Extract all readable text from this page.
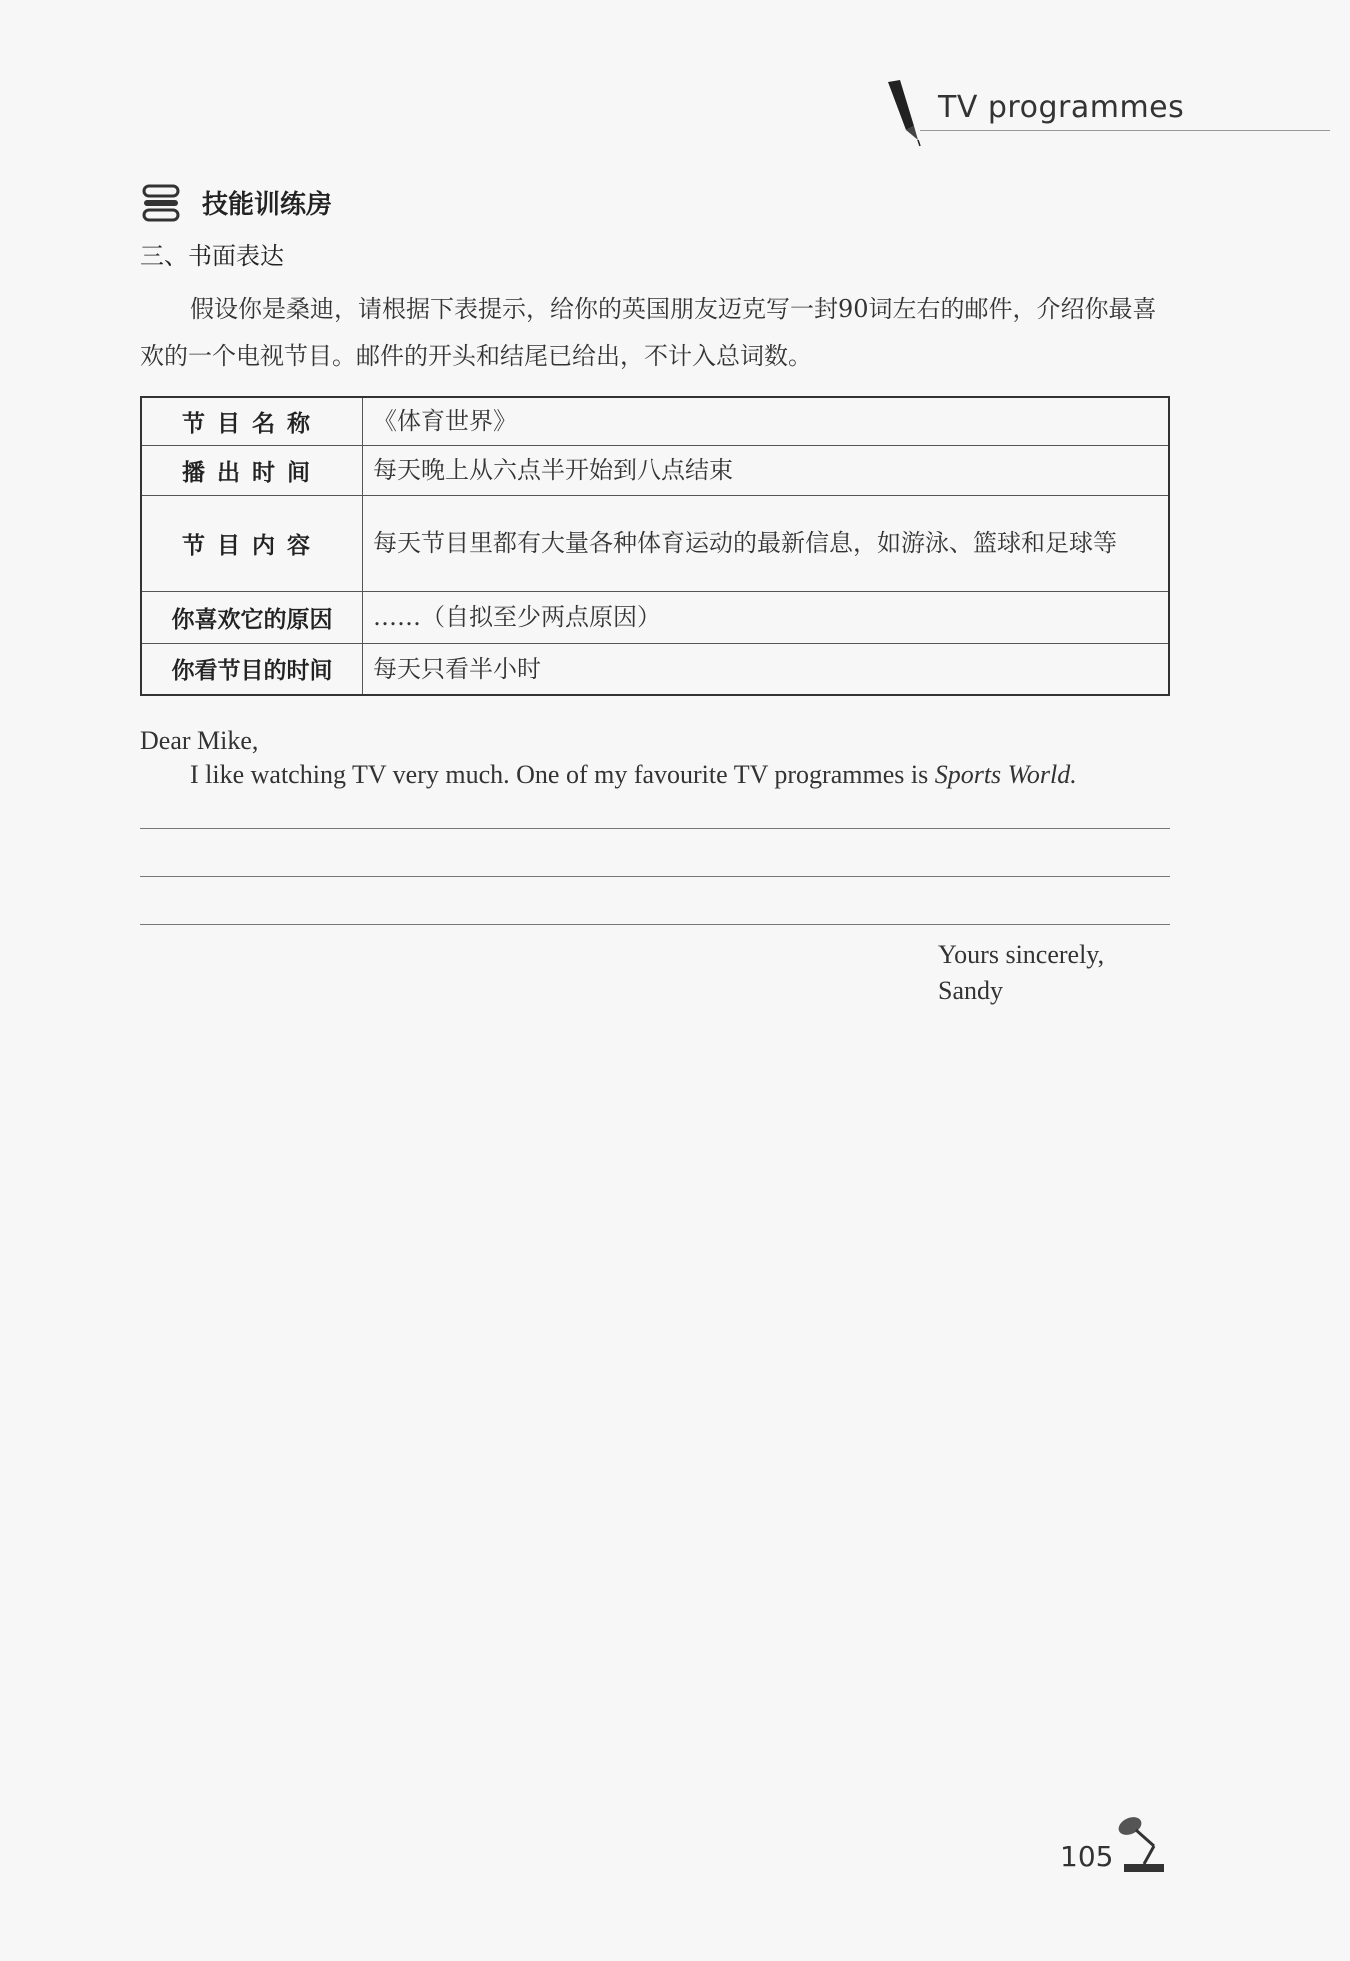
TV programmes
技能训练房
三、书面表达
假设你是桑迪，请根据下表提示，给你的英国朋友迈克写一封90词左右的邮件，介绍你最喜欢的一个电视节目。邮件的开头和结尾已给出，不计入总词数。
节目名称	《体育世界》
播出时间	每天晚上从六点半开始到八点结束
节目内容	每天节目里都有大量各种体育运动的最新信息，如游泳、篮球和足球等
你喜欢它的原因	……（自拟至少两点原因）
你看节目的时间	每天只看半小时
Dear Mike,
I like watching TV very much. One of my favourite TV programmes is Sports World.
Yours sincerely,
Sandy
105
